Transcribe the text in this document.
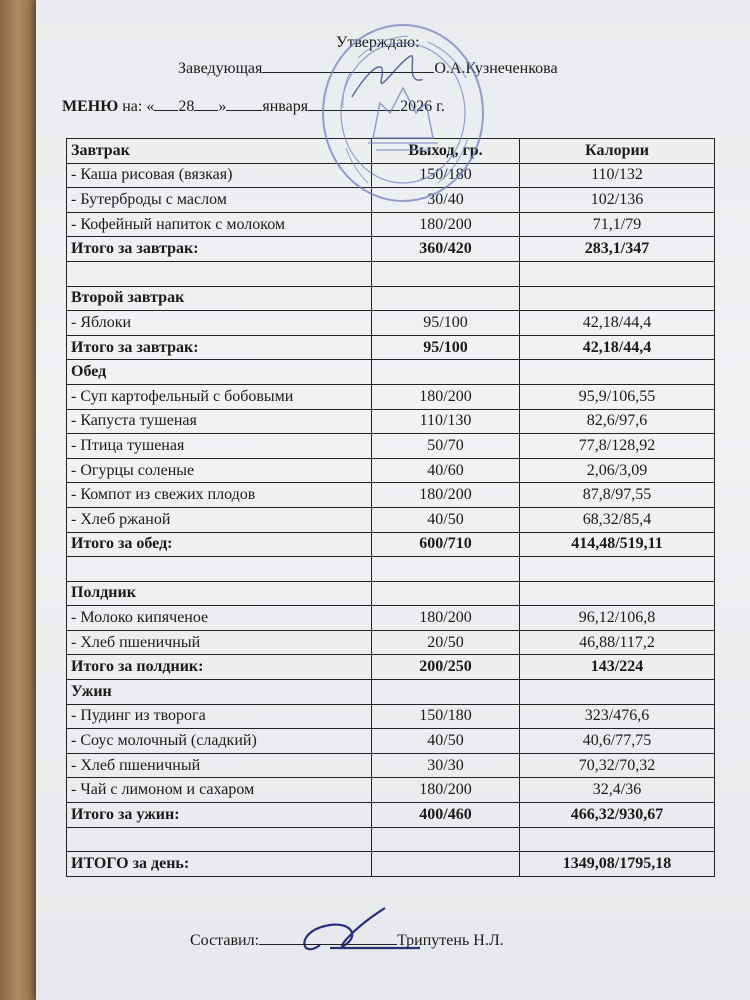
Утверждаю:
Заведующая	О.А.Кузнеченкова
МЕНЮ на: « 28 » января	2026 г.
Завтрак	Выход, гр.	Калории
- Каша рисовая (вязкая)	150/180	110/132
- Бутерброды с маслом	30/40	102/136
- Кофейный напиток с молоком	180/200	71,1/79
Итого за завтрак:	360/420	283,1/347

Второй завтрак		
- Яблоки	95/100	42,18/44,4
Итого за завтрак:	95/100	42,18/44,4
Обед		
- Суп картофельный с бобовыми	180/200	95,9/106,55
- Капуста тушеная	110/130	82,6/97,6
- Птица тушеная	50/70	77,8/128,92
- Огурцы соленые	40/60	2,06/3,09
- Компот из свежих плодов	180/200	87,8/97,55
- Хлеб ржаной	40/50	68,32/85,4
Итого за обед:	600/710	414,48/519,11

Полдник		
- Молоко кипяченое	180/200	96,12/106,8
- Хлеб пшеничный	20/50	46,88/117,2
Итого за полдник:	200/250	143/224
Ужин		
- Пудинг из творога	150/180	323/476,6
- Соус молочный (сладкий)	40/50	40,6/77,75
- Хлеб пшеничный	30/30	70,32/70,32
- Чай с лимоном и сахаром	180/200	32,4/36
Итого за ужин:	400/460	466,32/930,67

ИТОГО за день:		1349,08/1795,18
Составил:	Трипутень Н.Л.
